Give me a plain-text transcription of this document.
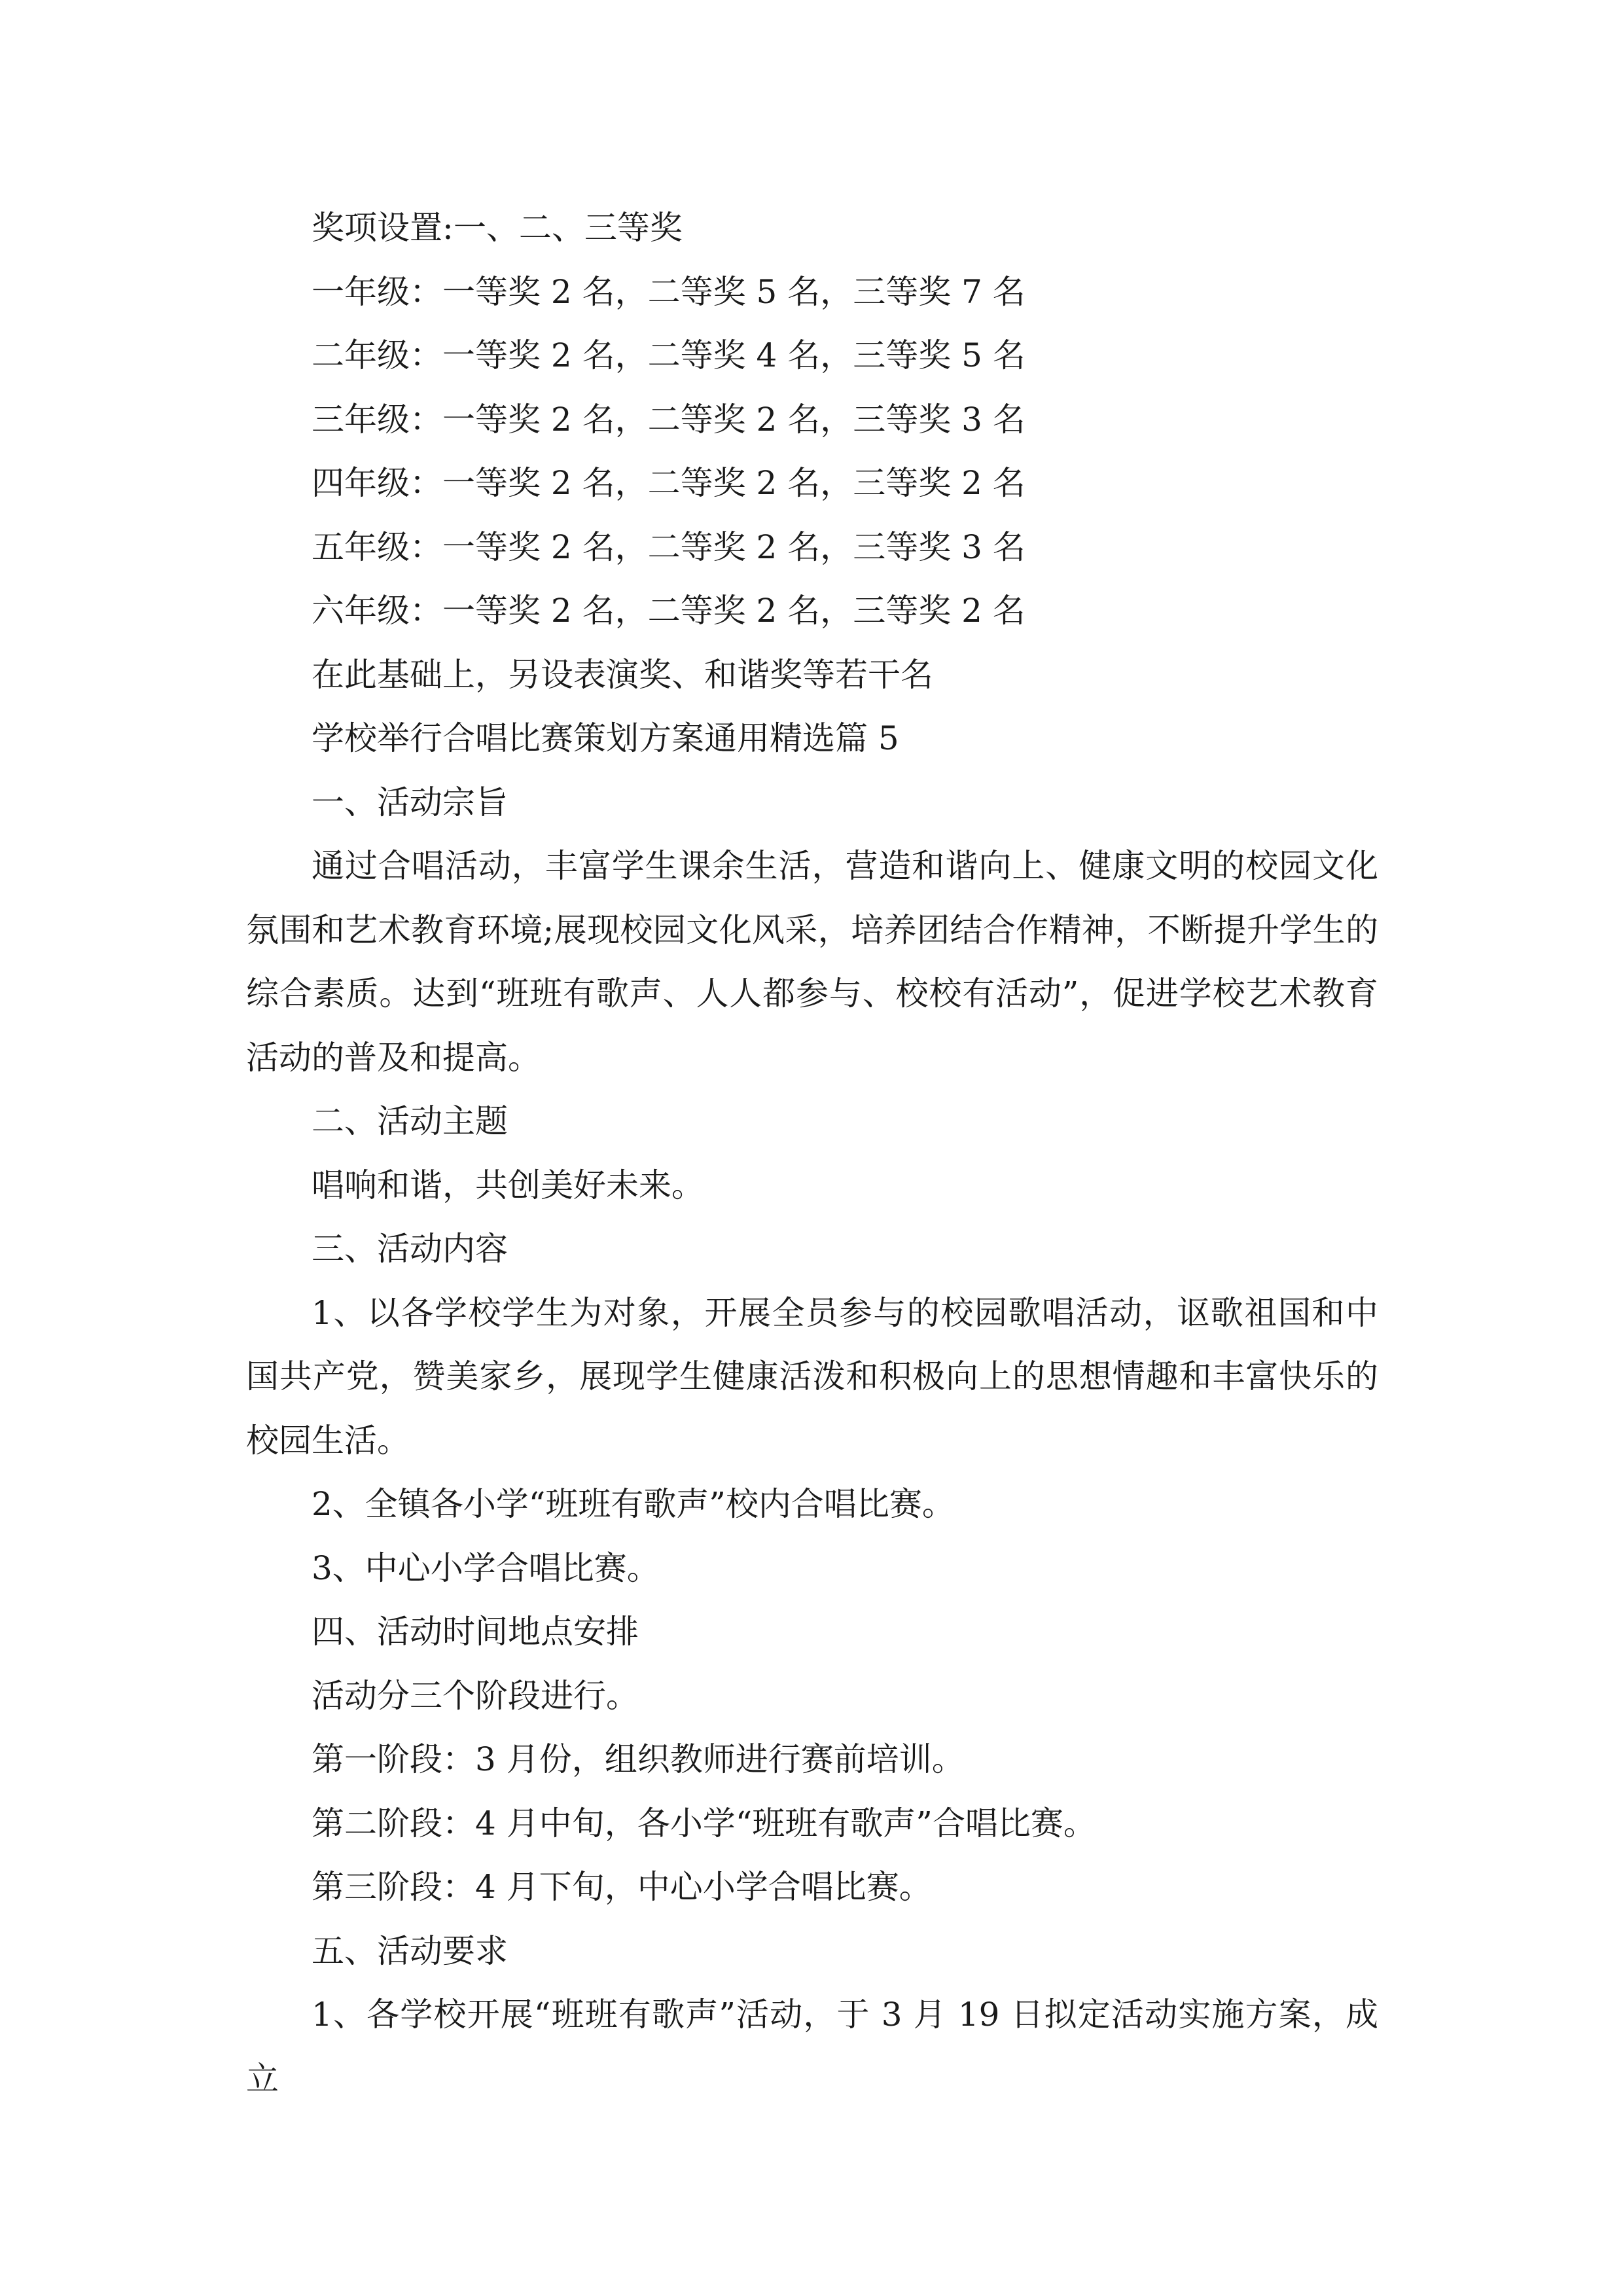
奖项设置:一、二、三等奖

一年级：一等奖 2 名，二等奖 5 名，三等奖 7 名

二年级：一等奖 2 名，二等奖 4 名，三等奖 5 名

三年级：一等奖 2 名，二等奖 2 名，三等奖 3 名

四年级：一等奖 2 名，二等奖 2 名，三等奖 2 名

五年级：一等奖 2 名，二等奖 2 名，三等奖 3 名

六年级：一等奖 2 名，二等奖 2 名，三等奖 2 名

在此基础上，另设表演奖、和谐奖等若干名

学校举行合唱比赛策划方案通用精选篇 5

一、活动宗旨

通过合唱活动，丰富学生课余生活，营造和谐向上、健康文明的校园文化氛围和艺术教育环境;展现校园文化风采，培养团结合作精神，不断提升学生的综合素质。达到“班班有歌声、人人都参与、校校有活动”，促进学校艺术教育活动的普及和提高。

二、活动主题

唱响和谐，共创美好未来。

三、活动内容

1、以各学校学生为对象，开展全员参与的校园歌唱活动，讴歌祖国和中国共产党，赞美家乡，展现学生健康活泼和积极向上的思想情趣和丰富快乐的校园生活。

2、全镇各小学“班班有歌声”校内合唱比赛。

3、中心小学合唱比赛。

四、活动时间地点安排

活动分三个阶段进行。

第一阶段：3 月份，组织教师进行赛前培训。

第二阶段：4 月中旬，各小学“班班有歌声”合唱比赛。

第三阶段：4 月下旬，中心小学合唱比赛。

五、活动要求

1、各学校开展“班班有歌声”活动，于 3 月 19 日拟定活动实施方案，成立
